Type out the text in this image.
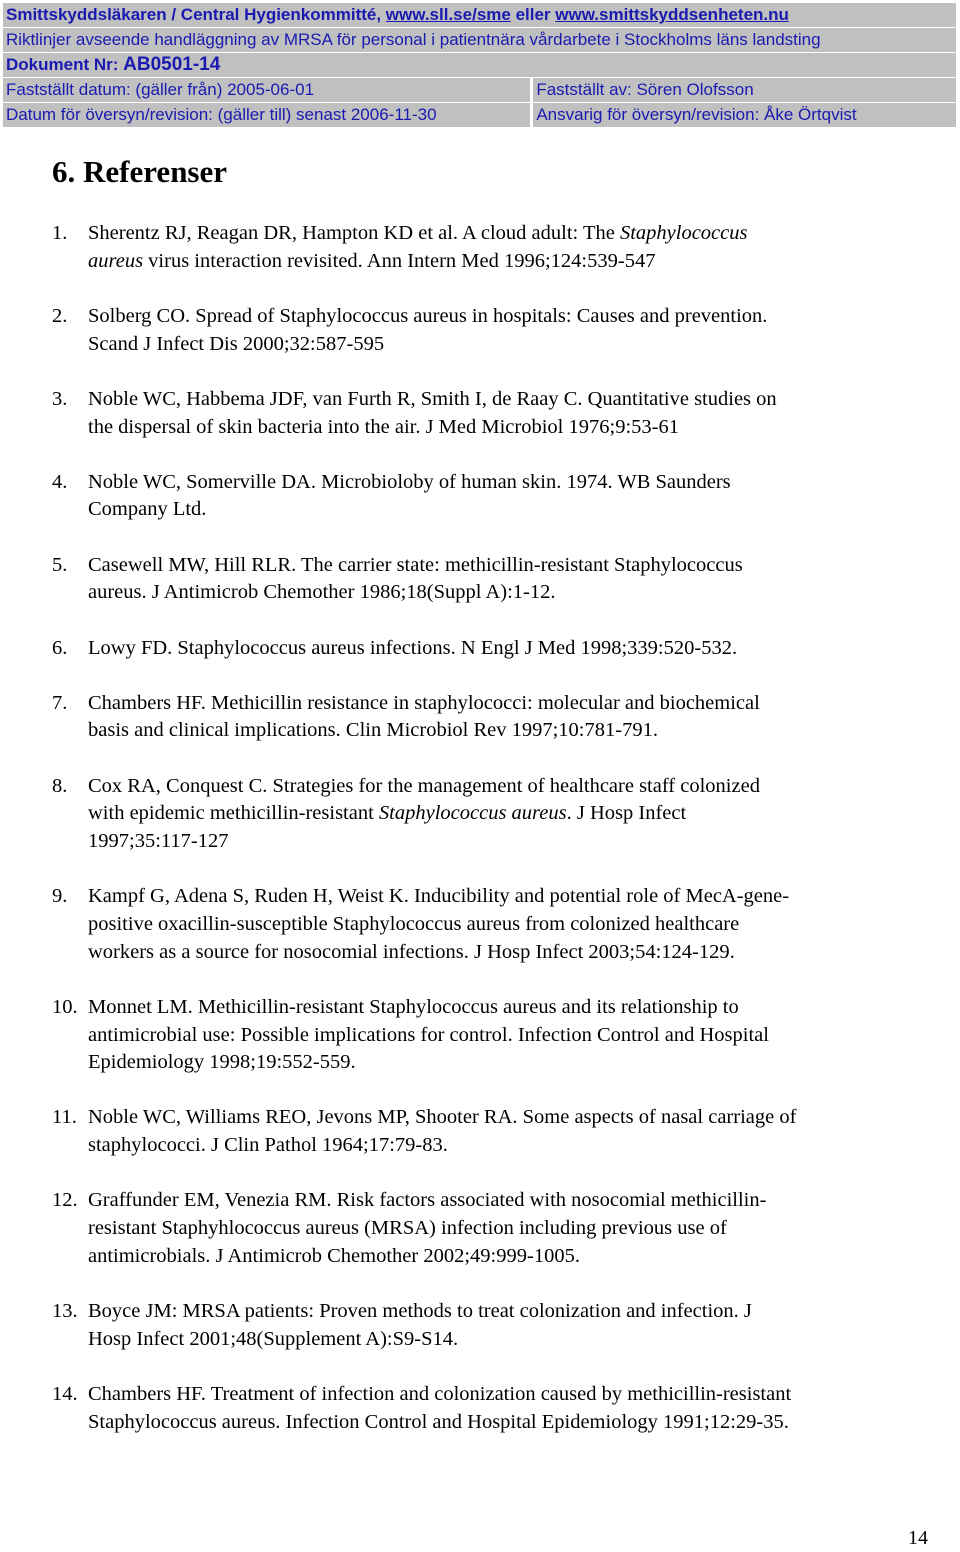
Smittskyddsläkaren / Central Hygienkommitté, www.sll.se/sme eller www.smittskyddsenheten.nu
Riktlinjer avseende handläggning av MRSA för personal i patientnära vårdarbete i Stockholms läns landsting
Dokument Nr: AB0501-14
Fastställt datum: (gäller från) 2005-06-01	Fastställt av: Sören Olofsson
Datum för översyn/revision: (gäller till) senast 2006-11-30	Ansvarig för översyn/revision: Åke Örtqvist
6. Referenser
1. Sherentz RJ, Reagan DR, Hampton KD et al. A cloud adult: The Staphylococcus
aureus virus interaction revisited. Ann Intern Med 1996;124:539-547
2. Solberg CO. Spread of Staphylococcus aureus in hospitals: Causes and prevention.
Scand J Infect Dis 2000;32:587-595
3. Noble WC, Habbema JDF, van Furth R, Smith I, de Raay C. Quantitative studies on
the dispersal of skin bacteria into the air. J Med Microbiol 1976;9:53-61
4. Noble WC, Somerville DA. Microbioloby of human skin. 1974. WB Saunders
Company Ltd.
5. Casewell MW, Hill RLR. The carrier state: methicillin-resistant Staphylococcus
aureus. J Antimicrob Chemother 1986;18(Suppl A):1-12.
6. Lowy FD. Staphylococcus aureus infections. N Engl J Med 1998;339:520-532.
7. Chambers HF. Methicillin resistance in staphylococci: molecular and biochemical
basis and clinical implications. Clin Microbiol Rev 1997;10:781-791.
8. Cox RA, Conquest C. Strategies for the management of healthcare staff colonized
with epidemic methicillin-resistant Staphylococcus aureus. J Hosp Infect
1997;35:117-127
9. Kampf G, Adena S, Ruden H, Weist K. Inducibility and potential role of MecA-gene-
positive oxacillin-susceptible Staphylococcus aureus from colonized healthcare
workers as a source for nosocomial infections. J Hosp Infect 2003;54:124-129.
10. Monnet LM. Methicillin-resistant Staphylococcus aureus and its relationship to
antimicrobial use: Possible implications for control. Infection Control and Hospital
Epidemiology 1998;19:552-559.
11. Noble WC, Williams REO, Jevons MP, Shooter RA. Some aspects of nasal carriage of
staphylococci. J Clin Pathol 1964;17:79-83.
12. Graffunder EM, Venezia RM. Risk factors associated with nosocomial methicillin-
resistant Staphyhlococcus aureus (MRSA) infection including previous use of
antimicrobials. J Antimicrob Chemother 2002;49:999-1005.
13. Boyce JM: MRSA patients: Proven methods to treat colonization and infection. J
Hosp Infect 2001;48(Supplement A):S9-S14.
14. Chambers HF. Treatment of infection and colonization caused by methicillin-resistant
Staphylococcus aureus. Infection Control and Hospital Epidemiology 1991;12:29-35.
14
